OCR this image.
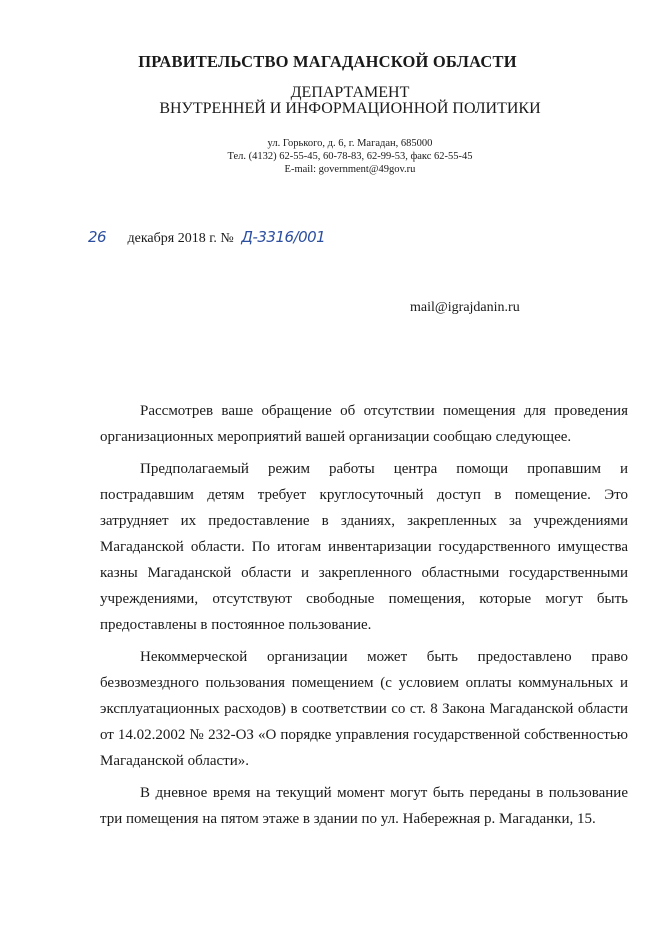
ПРАВИТЕЛЬСТВО МАГАДАНСКОЙ ОБЛАСТИ
ДЕПАРТАМЕНТ
ВНУТРЕННЕЙ И ИНФОРМАЦИОННОЙ ПОЛИТИКИ
ул. Горького, д. 6, г. Магадан, 685000
Тел. (4132) 62-55-45, 60-78-83, 62-99-53, факс 62-55-45
E-mail: government@49gov.ru
26 декабря 2018 г. № Д-3316/001
mail@igrajdanin.ru

Рассмотрев ваше обращение об отсутствии помещения для проведения организационных мероприятий вашей организации сообщаю следующее.

Предполагаемый режим работы центра помощи пропавшим и пострадавшим детям требует круглосуточный доступ в помещение. Это затрудняет их предоставление в зданиях, закрепленных за учреждениями Магаданской области. По итогам инвентаризации государственного имущества казны Магаданской области и закрепленного областными государственными учреждениями, отсутствуют свободные помещения, которые могут быть предоставлены в постоянное пользование.

Некоммерческой организации может быть предоставлено право безвозмездного пользования помещением (с условием оплаты коммунальных и эксплуатационных расходов) в соответствии со ст. 8 Закона Магаданской области от 14.02.2002 № 232-ОЗ «О порядке управления государственной собственностью Магаданской области».

В дневное время на текущий момент могут быть переданы в пользование три помещения на пятом этаже в здании по ул. Набережная р. Магаданки, 15.
